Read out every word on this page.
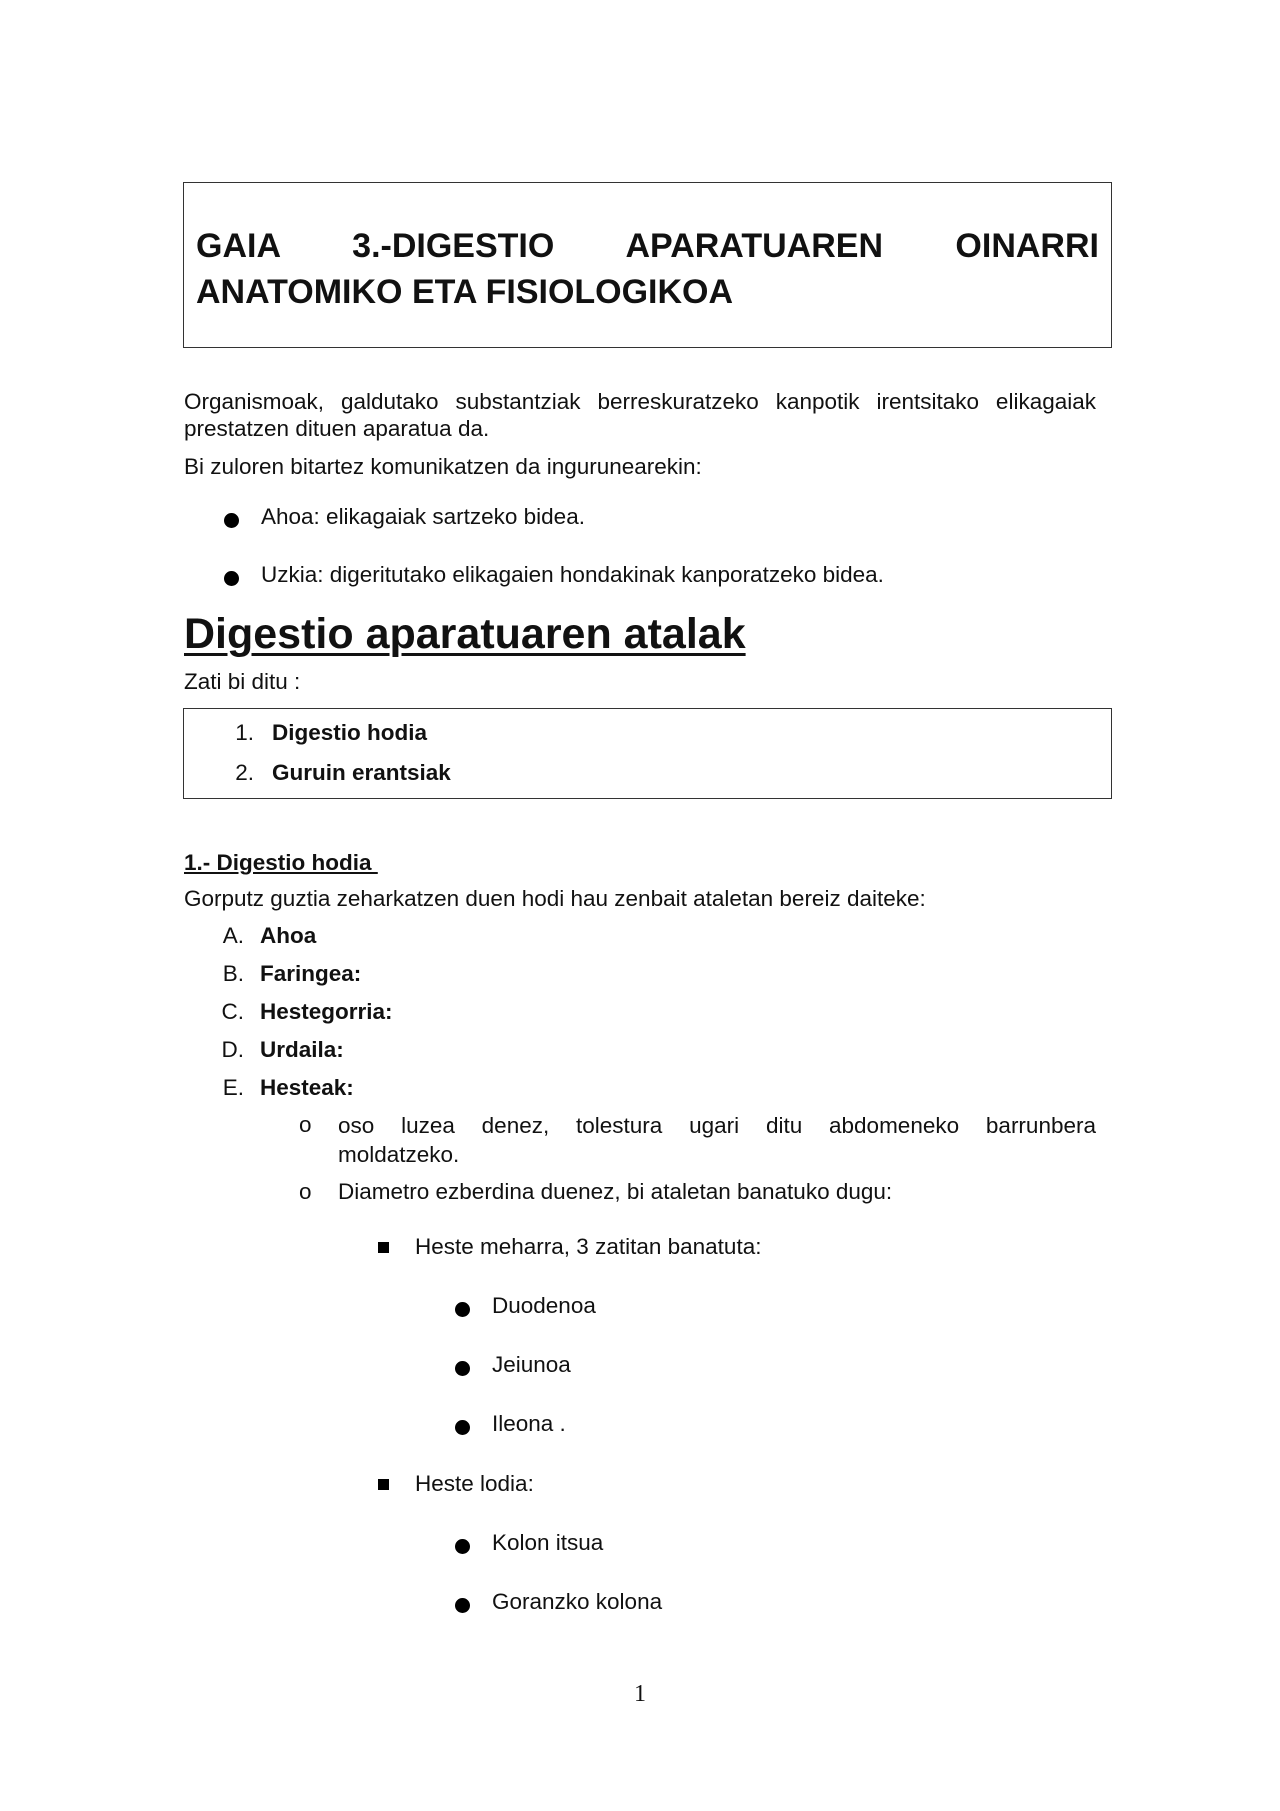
GAIA 3.-DIGESTIO APARATUAREN OINARRI
ANATOMIKO ETA FISIOLOGIKOA
Organismoak, galdutako substantziak berreskuratzeko kanpotik irentsitako elikagaiak
prestatzen dituen aparatua da.
Bi zuloren bitartez komunikatzen da ingurunearekin:
Ahoa: elikagaiak sartzeko bidea.
Uzkia: digeritutako elikagaien hondakinak kanporatzeko bidea.
Digestio aparatuaren atalak
Zati bi ditu :
1. Digestio hodia
2. Guruin erantsiak
1.- Digestio hodia
Gorputz guztia zeharkatzen duen hodi hau zenbait ataletan bereiz daiteke:
A. Ahoa
B. Faringea:
C. Hestegorria:
D. Urdaila:
E. Hesteak:
o oso luzea denez, tolestura ugari ditu abdomeneko barrunbera
moldatzeko.
o Diametro ezberdina duenez, bi ataletan banatuko dugu:
Heste meharra, 3 zatitan banatuta:
Duodenoa
Jeiunoa
Ileona .
Heste lodia:
Kolon itsua
Goranzko kolona
1
